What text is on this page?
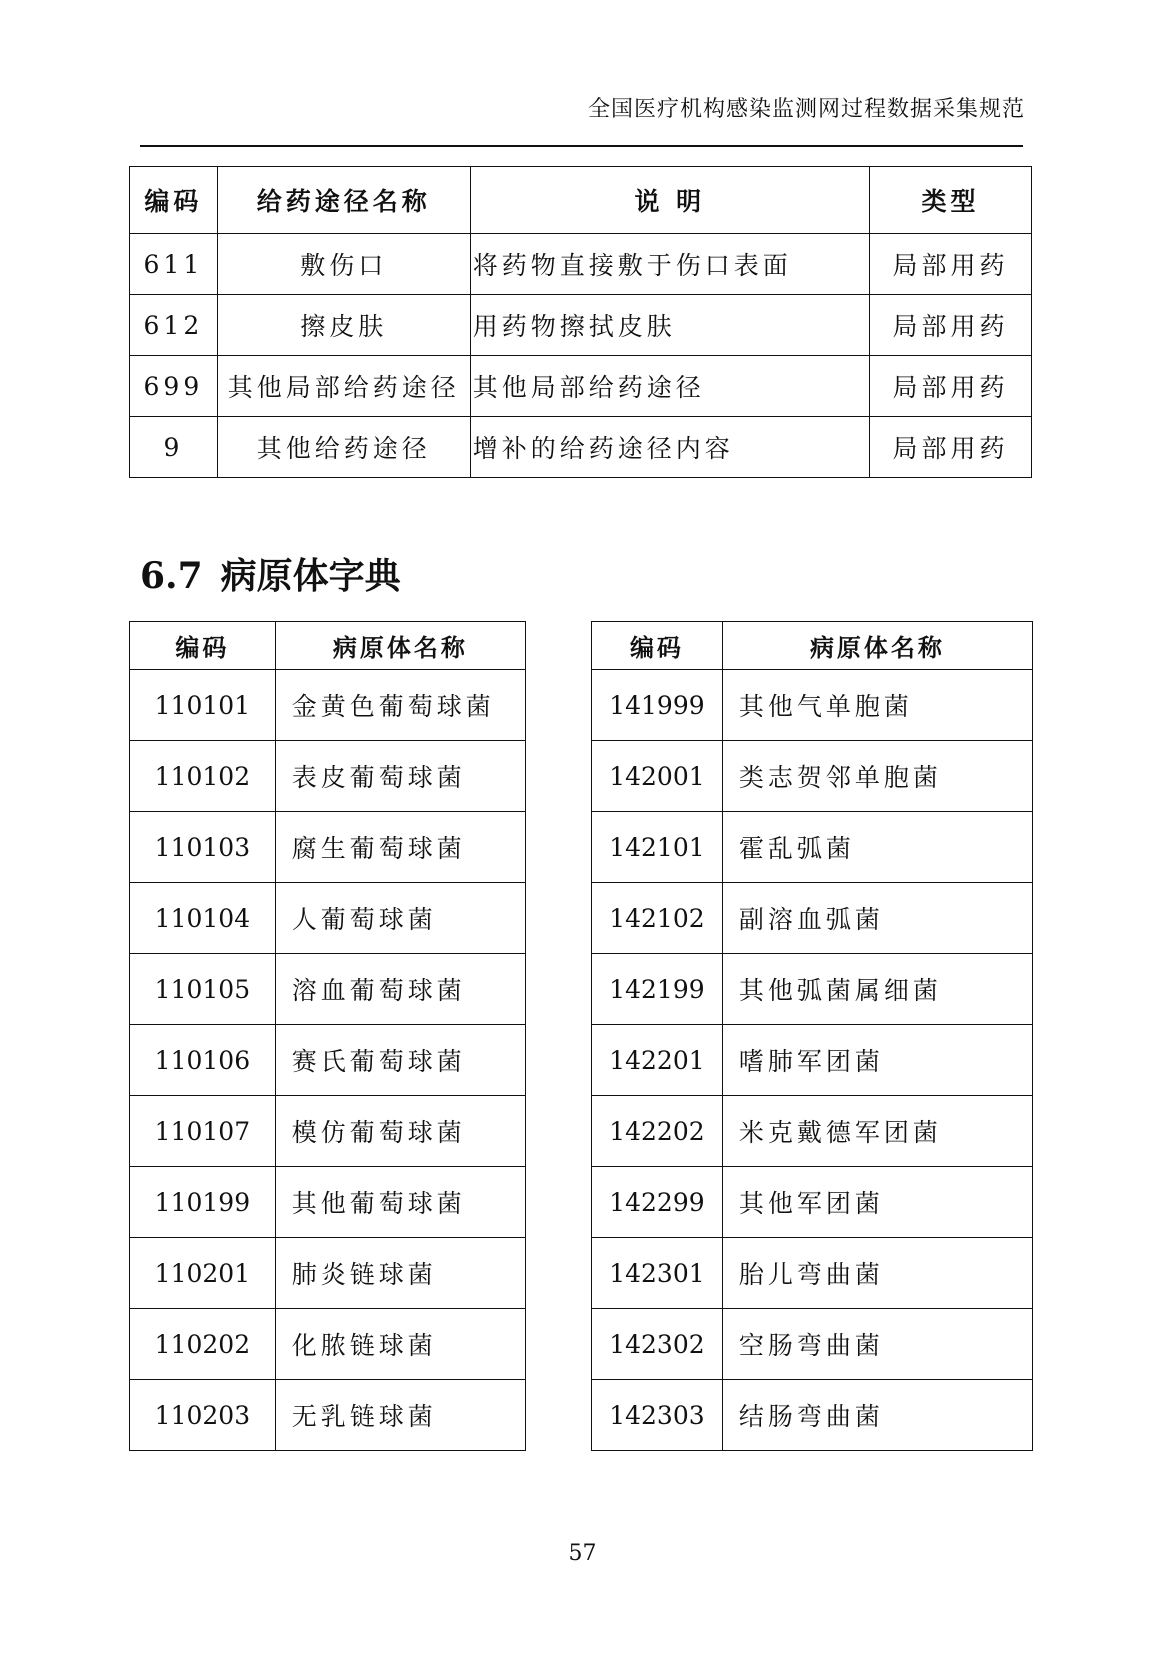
全国医疗机构感染监测网过程数据采集规范
编码	给药途径名称	说 明	类型
611	敷伤口	将药物直接敷于伤口表面	局部用药
612	擦皮肤	用药物擦拭皮肤	局部用药
699	其他局部给药途径	其他局部给药途径	局部用药
9	其他给药途径	增补的给药途径内容	局部用药
6.7 病原体字典
编码	病原体名称
110101	金黄色葡萄球菌
110102	表皮葡萄球菌
110103	腐生葡萄球菌
110104	人葡萄球菌
110105	溶血葡萄球菌
110106	赛氏葡萄球菌
110107	模仿葡萄球菌
110199	其他葡萄球菌
110201	肺炎链球菌
110202	化脓链球菌
110203	无乳链球菌
编码	病原体名称
141999	其他气单胞菌
142001	类志贺邻单胞菌
142101	霍乱弧菌
142102	副溶血弧菌
142199	其他弧菌属细菌
142201	嗜肺军团菌
142202	米克戴德军团菌
142299	其他军团菌
142301	胎儿弯曲菌
142302	空肠弯曲菌
142303	结肠弯曲菌
57
